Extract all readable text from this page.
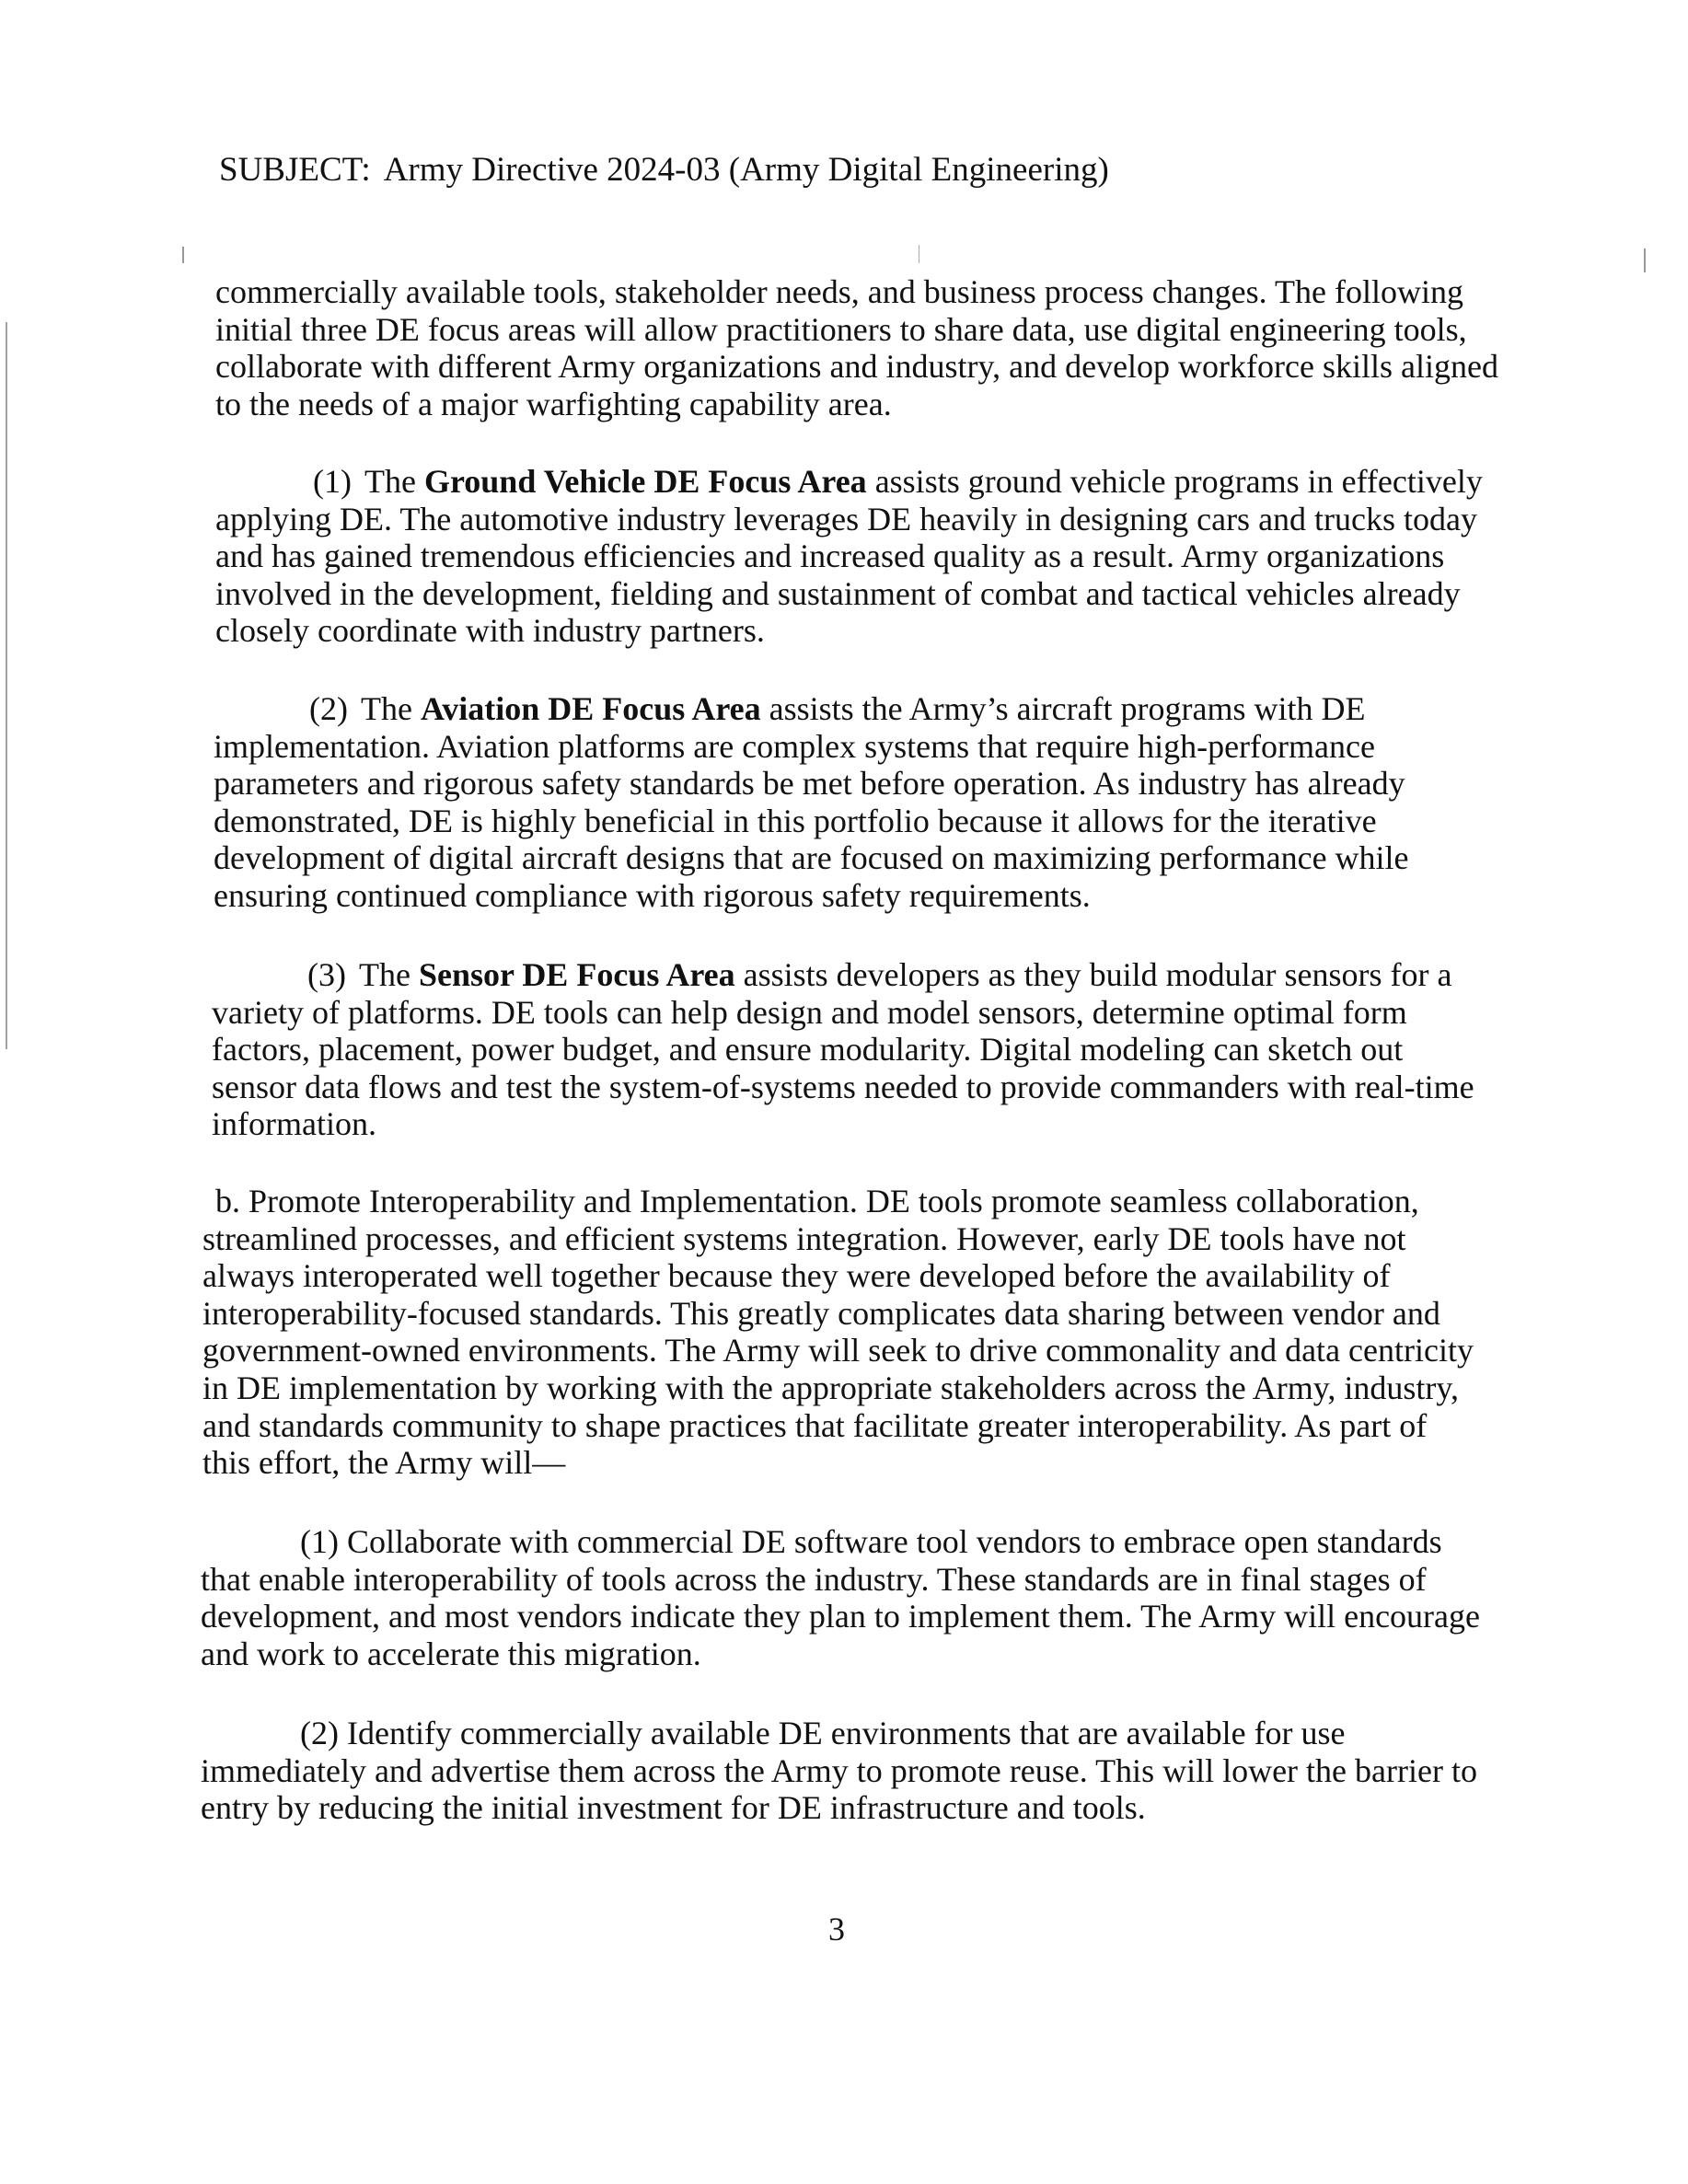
SUBJECT: Army Directive 2024-03 (Army Digital Engineering)
commercially available tools, stakeholder needs, and business process changes. The following
initial three DE focus areas will allow practitioners to share data, use digital engineering tools,
collaborate with different Army organizations and industry, and develop workforce skills aligned
to the needs of a major warfighting capability area.
(1) The Ground Vehicle DE Focus Area assists ground vehicle programs in effectively
applying DE. The automotive industry leverages DE heavily in designing cars and trucks today
and has gained tremendous efficiencies and increased quality as a result. Army organizations
involved in the development, fielding and sustainment of combat and tactical vehicles already
closely coordinate with industry partners.
(2) The Aviation DE Focus Area assists the Army’s aircraft programs with DE
implementation. Aviation platforms are complex systems that require high-performance
parameters and rigorous safety standards be met before operation. As industry has already
demonstrated, DE is highly beneficial in this portfolio because it allows for the iterative
development of digital aircraft designs that are focused on maximizing performance while
ensuring continued compliance with rigorous safety requirements.
(3) The Sensor DE Focus Area assists developers as they build modular sensors for a
variety of platforms. DE tools can help design and model sensors, determine optimal form
factors, placement, power budget, and ensure modularity. Digital modeling can sketch out
sensor data flows and test the system-of-systems needed to provide commanders with real-time
information.
b. Promote Interoperability and Implementation. DE tools promote seamless collaboration,
streamlined processes, and efficient systems integration. However, early DE tools have not
always interoperated well together because they were developed before the availability of
interoperability-focused standards. This greatly complicates data sharing between vendor and
government-owned environments. The Army will seek to drive commonality and data centricity
in DE implementation by working with the appropriate stakeholders across the Army, industry,
and standards community to shape practices that facilitate greater interoperability. As part of
this effort, the Army will—
(1) Collaborate with commercial DE software tool vendors to embrace open standards
that enable interoperability of tools across the industry. These standards are in final stages of
development, and most vendors indicate they plan to implement them. The Army will encourage
and work to accelerate this migration.
(2) Identify commercially available DE environments that are available for use
immediately and advertise them across the Army to promote reuse. This will lower the barrier to
entry by reducing the initial investment for DE infrastructure and tools.
3
